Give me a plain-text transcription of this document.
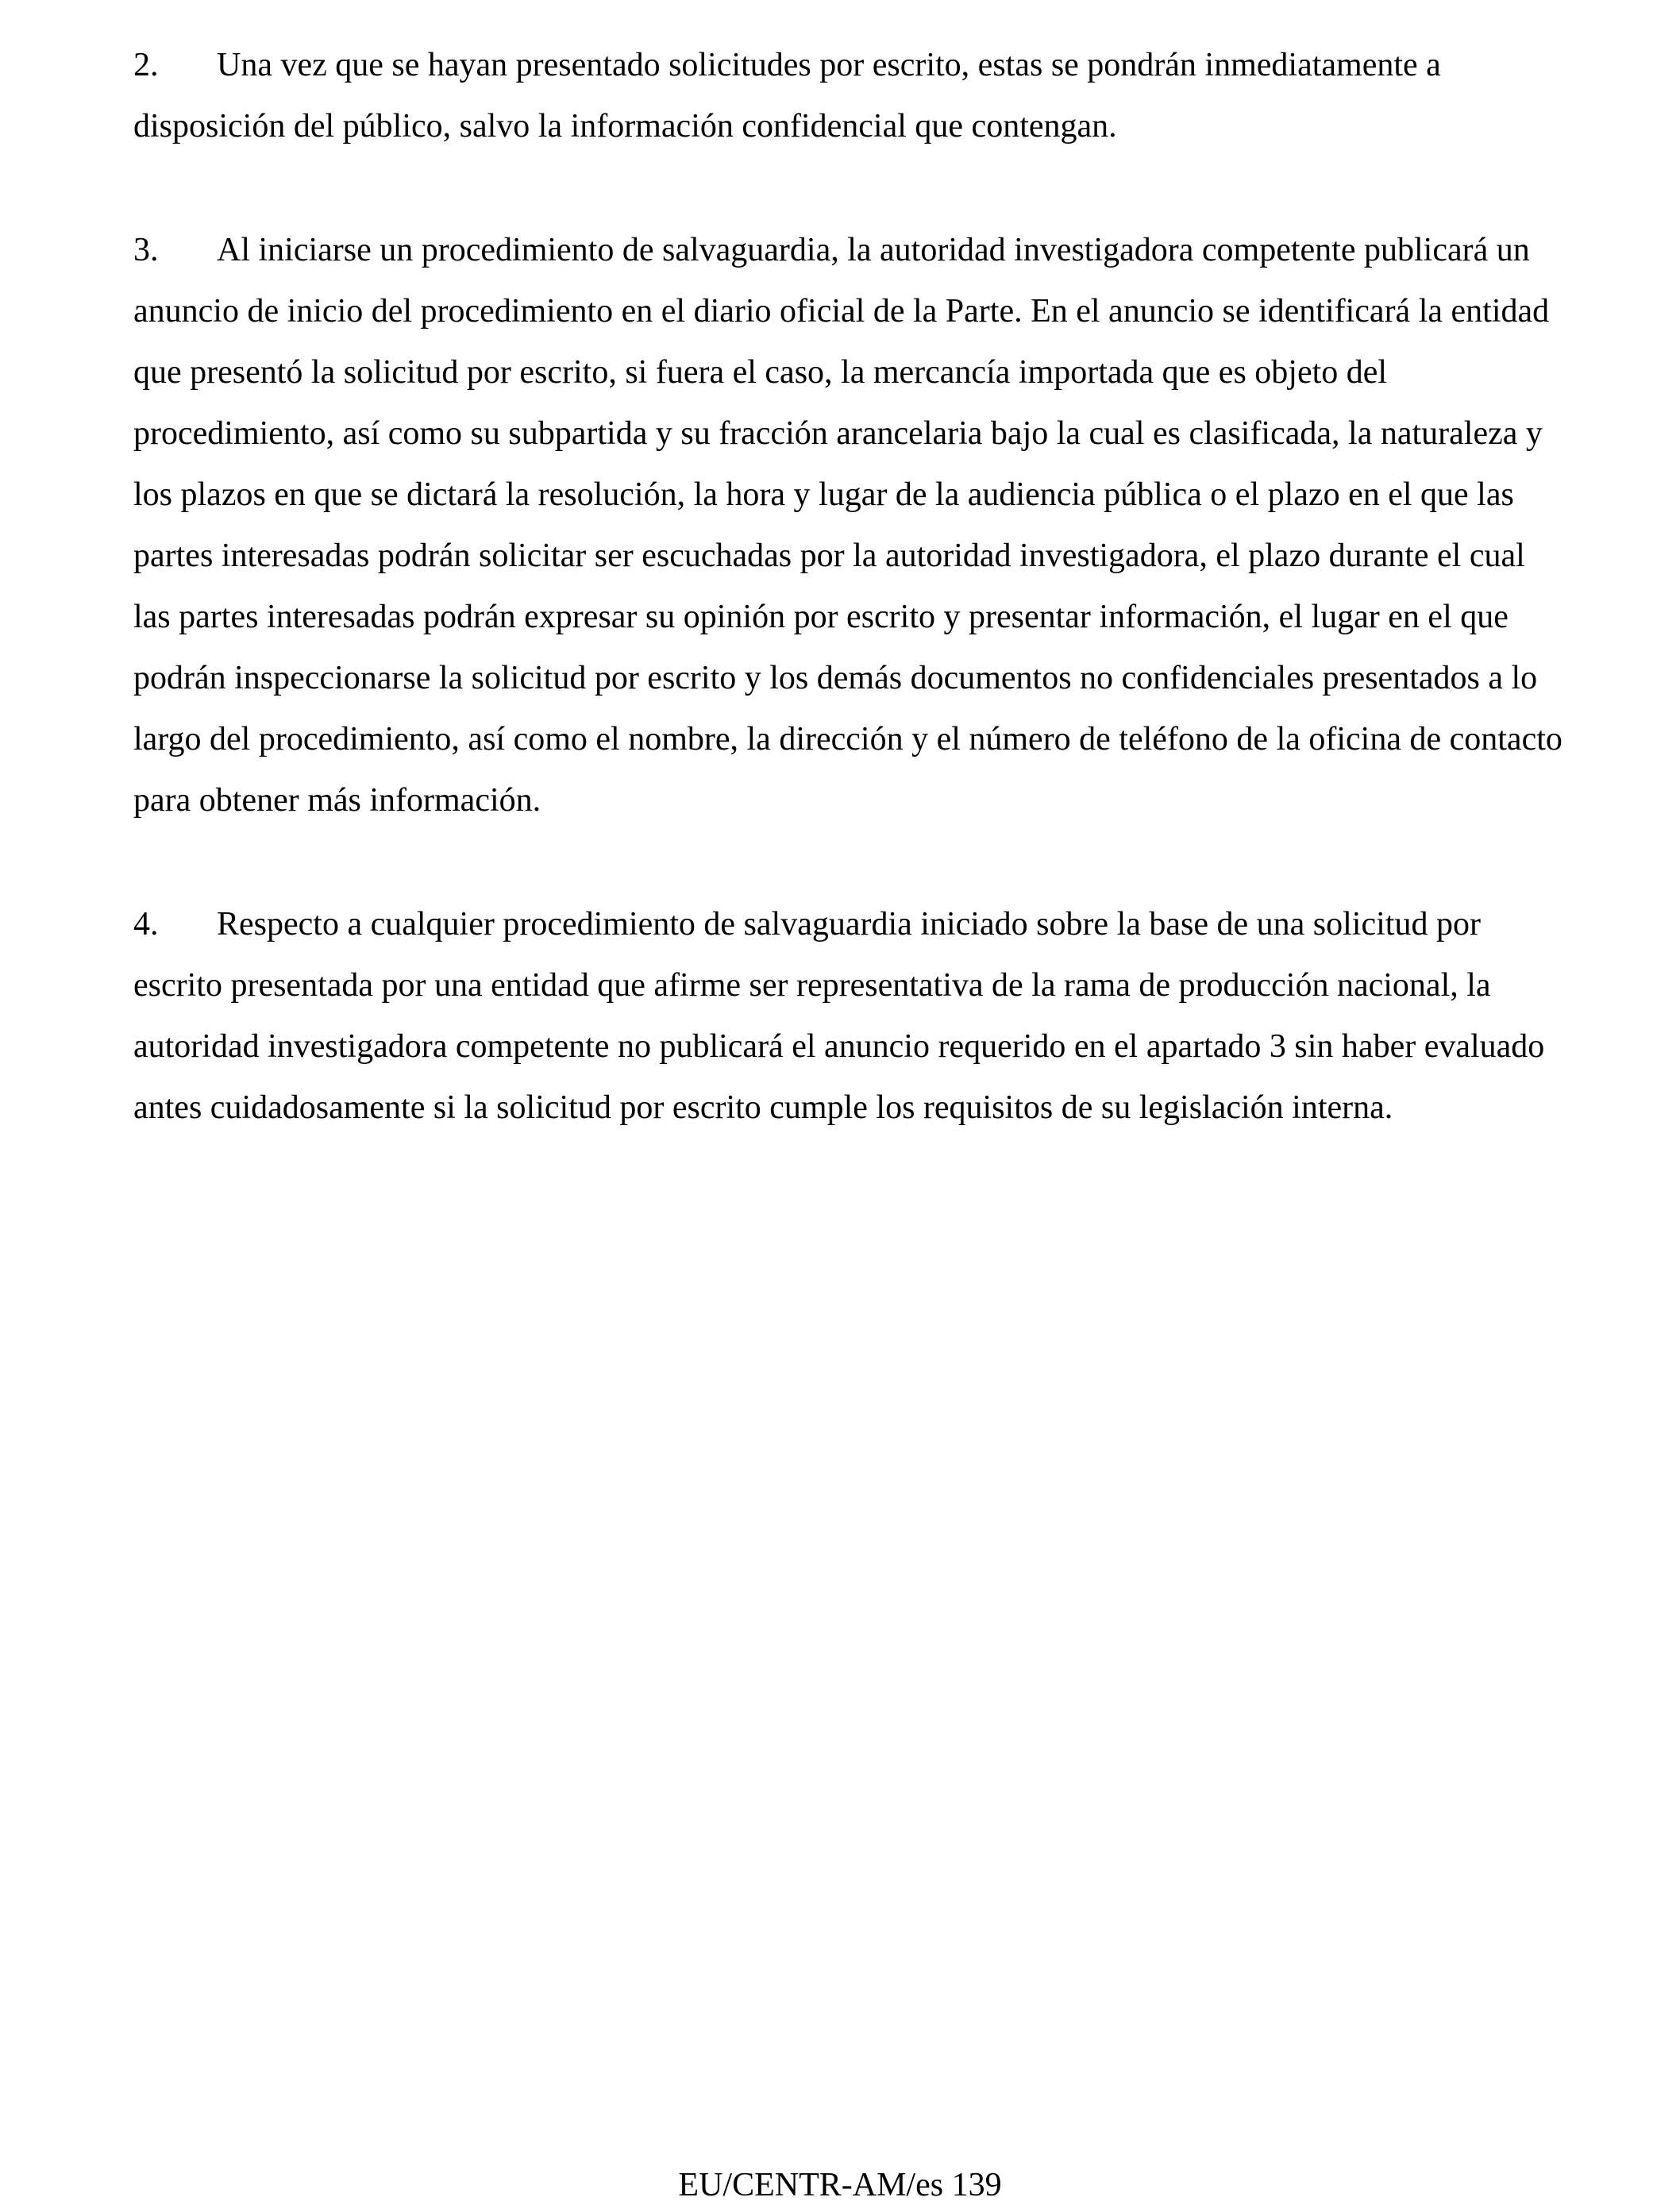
2. Una vez que se hayan presentado solicitudes por escrito, estas se pondrán inmediatamente a disposición del público, salvo la información confidencial que contengan.

3. Al iniciarse un procedimiento de salvaguardia, la autoridad investigadora competente publicará un anuncio de inicio del procedimiento en el diario oficial de la Parte. En el anuncio se identificará la entidad que presentó la solicitud por escrito, si fuera el caso, la mercancía importada que es objeto del procedimiento, así como su subpartida y su fracción arancelaria bajo la cual es clasificada, la naturaleza y los plazos en que se dictará la resolución, la hora y lugar de la audiencia pública o el plazo en el que las partes interesadas podrán solicitar ser escuchadas por la autoridad investigadora, el plazo durante el cual las partes interesadas podrán expresar su opinión por escrito y presentar información, el lugar en el que podrán inspeccionarse la solicitud por escrito y los demás documentos no confidenciales presentados a lo largo del procedimiento, así como el nombre, la dirección y el número de teléfono de la oficina de contacto para obtener más información.

4. Respecto a cualquier procedimiento de salvaguardia iniciado sobre la base de una solicitud por escrito presentada por una entidad que afirme ser representativa de la rama de producción nacional, la autoridad investigadora competente no publicará el anuncio requerido en el apartado 3 sin haber evaluado antes cuidadosamente si la solicitud por escrito cumple los requisitos de su legislación interna.

EU/CENTR-AM/es 139
